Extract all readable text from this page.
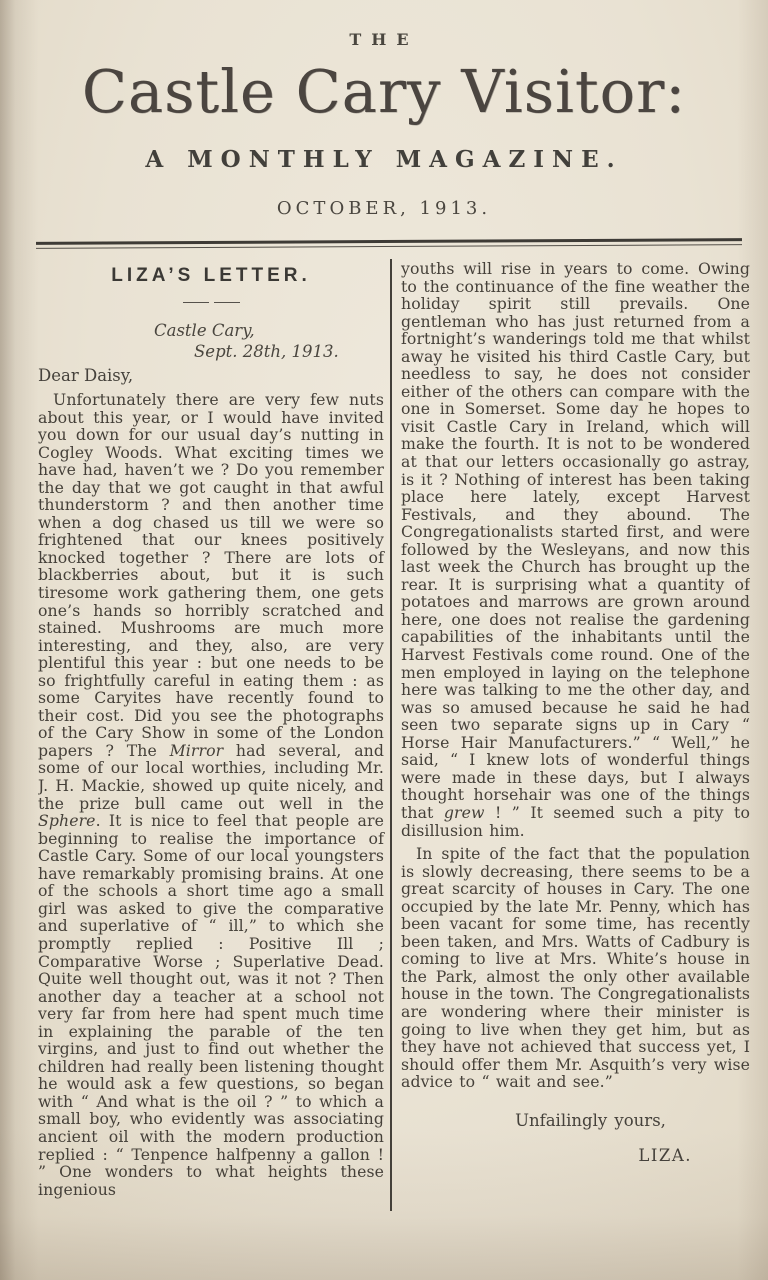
THE
Castle Cary Visitor:
A MONTHLY MAGAZINE.
OCTOBER, 1913.
LIZA’S LETTER.
Castle Cary,
Sept. 28th, 1913.
Dear Daisy,

Unfortunately there are very few nuts about this year, or I would have invited you down for our usual day’s nutting in Cogley Woods. What exciting times we have had, haven’t we ? Do you remember the day that we got caught in that awful thunderstorm ? and then another time when a dog chased us till we were so frightened that our knees positively knocked together ? There are lots of blackberries about, but it is such tiresome work gathering them, one gets one’s hands so horribly scratched and stained. Mushrooms are much more interesting, and they, also, are very plentiful this year : but one needs to be so frightfully careful in eating them : as some Caryites have recently found to their cost. Did you see the photographs of the Cary Show in some of the London papers ? The Mirror had several, and some of our local worthies, including Mr. J. H. Mackie, showed up quite nicely, and the prize bull came out well in the Sphere. It is nice to feel that people are beginning to realise the importance of Castle Cary. Some of our local youngsters have remarkably promising brains. At one of the schools a short time ago a small girl was asked to give the comparative and superlative of “ ill,” to which she promptly replied : Positive Ill ; Comparative Worse ; Superlative Dead. Quite well thought out, was it not ? Then another day a teacher at a school not very far from here had spent much time in explaining the parable of the ten virgins, and just to find out whether the children had really been listening thought he would ask a few questions, so began with “ And what is the oil ? ” to which a small boy, who evidently was associating ancient oil with the modern production replied : “ Tenpence halfpenny a gallon ! ” One wonders to what heights these ingenious

youths will rise in years to come. Owing to the continuance of the fine weather the holiday spirit still prevails. One gentleman who has just returned from a fortnight’s wanderings told me that whilst away he visited his third Castle Cary, but needless to say, he does not consider either of the others can compare with the one in Somerset. Some day he hopes to visit Castle Cary in Ireland, which will make the fourth. It is not to be wondered at that our letters occasionally go astray, is it ? Nothing of interest has been taking place here lately, except Harvest Festivals, and they abound. The Congregationalists started first, and were followed by the Wesleyans, and now this last week the Church has brought up the rear. It is surprising what a quantity of potatoes and marrows are grown around here, one does not realise the gardening capabilities of the inhabitants until the Harvest Festivals come round. One of the men employed in laying on the telephone here was talking to me the other day, and was so amused because he said he had seen two separate signs up in Cary “ Horse Hair Manufacturers.” “ Well,” he said, “ I knew lots of wonderful things were made in these days, but I always thought horsehair was one of the things that grew ! ” It seemed such a pity to disillusion him.

In spite of the fact that the population is slowly decreasing, there seems to be a great scarcity of houses in Cary. The one occupied by the late Mr. Penny, which has been vacant for some time, has recently been taken, and Mrs. Watts of Cadbury is coming to live at Mrs. White’s house in the Park, almost the only other available house in the town. The Congregationalists are wondering where their minister is going to live when they get him, but as they have not achieved that success yet, I should offer them Mr. Asquith’s very wise advice to “ wait and see.”

Unfailingly yours,
LIZA.
